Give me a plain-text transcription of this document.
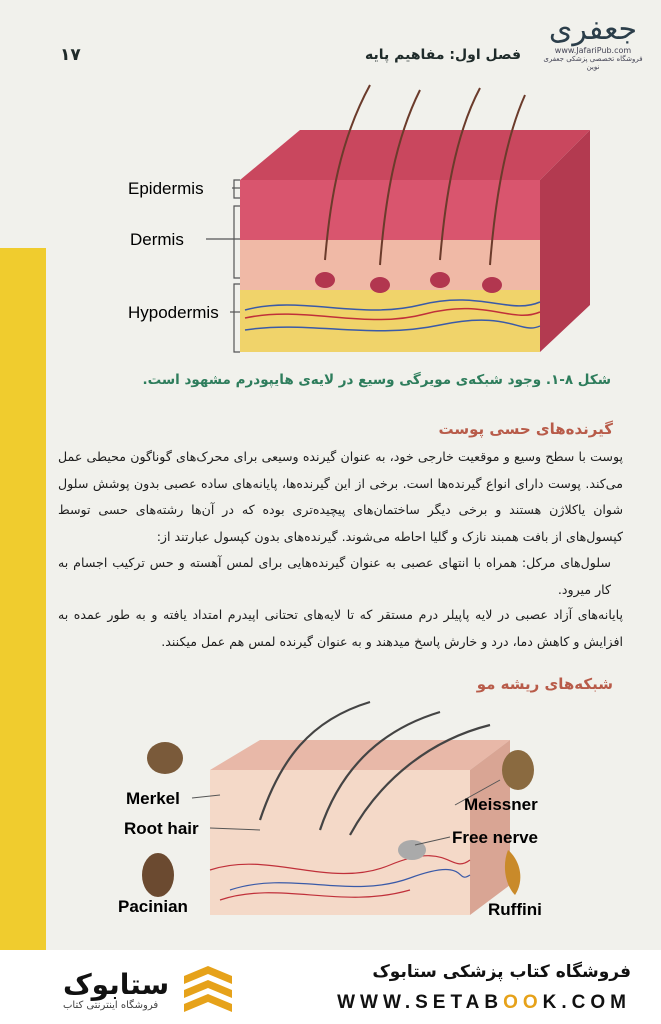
فصل اول: مفاهیم پایه
۱۷
جعفری
www.JafariPub.com
فروشگاه تخصصی پزشکی جعفری نوین
Epidermis
Dermis
Hypodermis
شکل ۸-۱. وجود شبکه‌ی مویرگی وسیع در لایه‌ی هایپودرم مشهود است.
گیرنده‌های حسی پوست
پوست با سطح وسیع و موقعیت خارجی خود، به عنوان گیرنده وسیعی برای محرک‌های گوناگون محیطی عمل می‌کند. پوست دارای انواع گیرنده‌ها است. برخی از این گیرنده‌ها، پایانه‌های ساده عصبی بدون پوشش سلول شوان یاکلاژن هستند و برخی دیگر ساختمان‌های پیچیده‌تری بوده که در آن‌ها رشته‌های حسی توسط کپسول‌های از بافت همبند نازک و گلیا احاطه می‌شوند. گیرنده‌های بدون کپسول عبارتند از:
سلول‌های مرکل: همراه با انتهای عصبی به عنوان گیرنده‌هایی برای لمس آهسته و حس ترکیب اجسام به کار میرود.
پایانه‌های آزاد عصبی در لایه پاپیلر درم مستقر که تا لایه‌های تحتانی اپیدرم امتداد یافته و به طور عمده به افزایش و کاهش دما، درد و خارش پاسخ میدهند و به عنوان گیرنده لمس هم عمل میکنند.
شبکه‌های ریشه مو
Merkel
Root hair
Pacinian
Meissner
Free nerve
Ruffini
ستابوک
فروشگاه اینترنتی کتاب
فروشگاه کتاب پزشکی ستابوک
WWW.SETABOOK.COM
